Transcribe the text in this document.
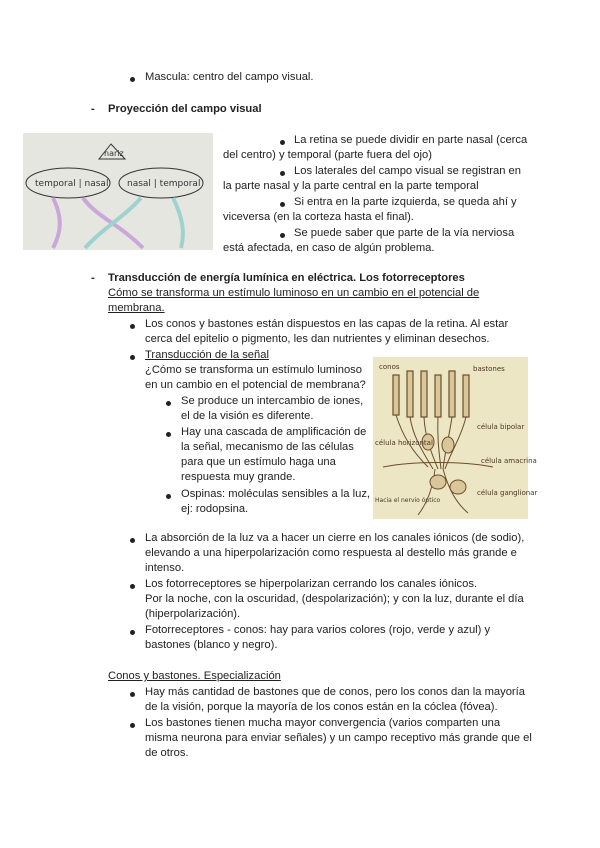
Mascula: centro del campo visual.
- Proyección del campo visual
nariz
temporal | nasal nasal | temporal
La retina se puede dividir en parte nasal (cerca
del centro) y temporal (parte fuera del ojo)
Los laterales del campo visual se registran en
la parte nasal y la parte central en la parte temporal
Si entra en la parte izquierda, se queda ahí y
viceversa (en la corteza hasta el final).
Se puede saber que parte de la vía nerviosa
está afectada, en caso de algún problema.
- Transducción de energía lumínica en eléctrica. Los fotorreceptores
Cómo se transforma un estímulo luminoso en un cambio en el potencial de
membrana.
Los conos y bastones están dispuestos en las capas de la retina. Al estar
cerca del epitelio o pigmento, les dan nutrientes y eliminan desechos.
Transducción de la señal
¿Cómo se transforma un estímulo luminoso
en un cambio en el potencial de membrana?
Se produce un intercambio de iones,
el de la visión es diferente.
Hay una cascada de amplificación de
la señal, mecanismo de las células
para que un estímulo haga una
respuesta muy grande.
Ospinas: moléculas sensibles a la luz,
ej: rodopsina.
conos	bastones
célula bipolar
célula horizontal
célula amacrina
célula ganglionar
Hacia el nervio óptico
La absorción de la luz va a hacer un cierre en los canales iónicos (de sodio),
elevando a una hiperpolarización como respuesta al destello más grande e
intenso.
Los fotorreceptores se hiperpolarizan cerrando los canales iónicos.
Por la noche, con la oscuridad, (despolarización); y con la luz, durante el día
(hiperpolarización).
Fotorreceptores - conos: hay para varios colores (rojo, verde y azul) y
bastones (blanco y negro).
Conos y bastones. Especialización
Hay más cantidad de bastones que de conos, pero los conos dan la mayoría
de la visión, porque la mayoría de los conos están en la cóclea (fóvea).
Los bastones tienen mucha mayor convergencia (varios comparten una
misma neurona para enviar señales) y un campo receptivo más grande que el
de otros.
